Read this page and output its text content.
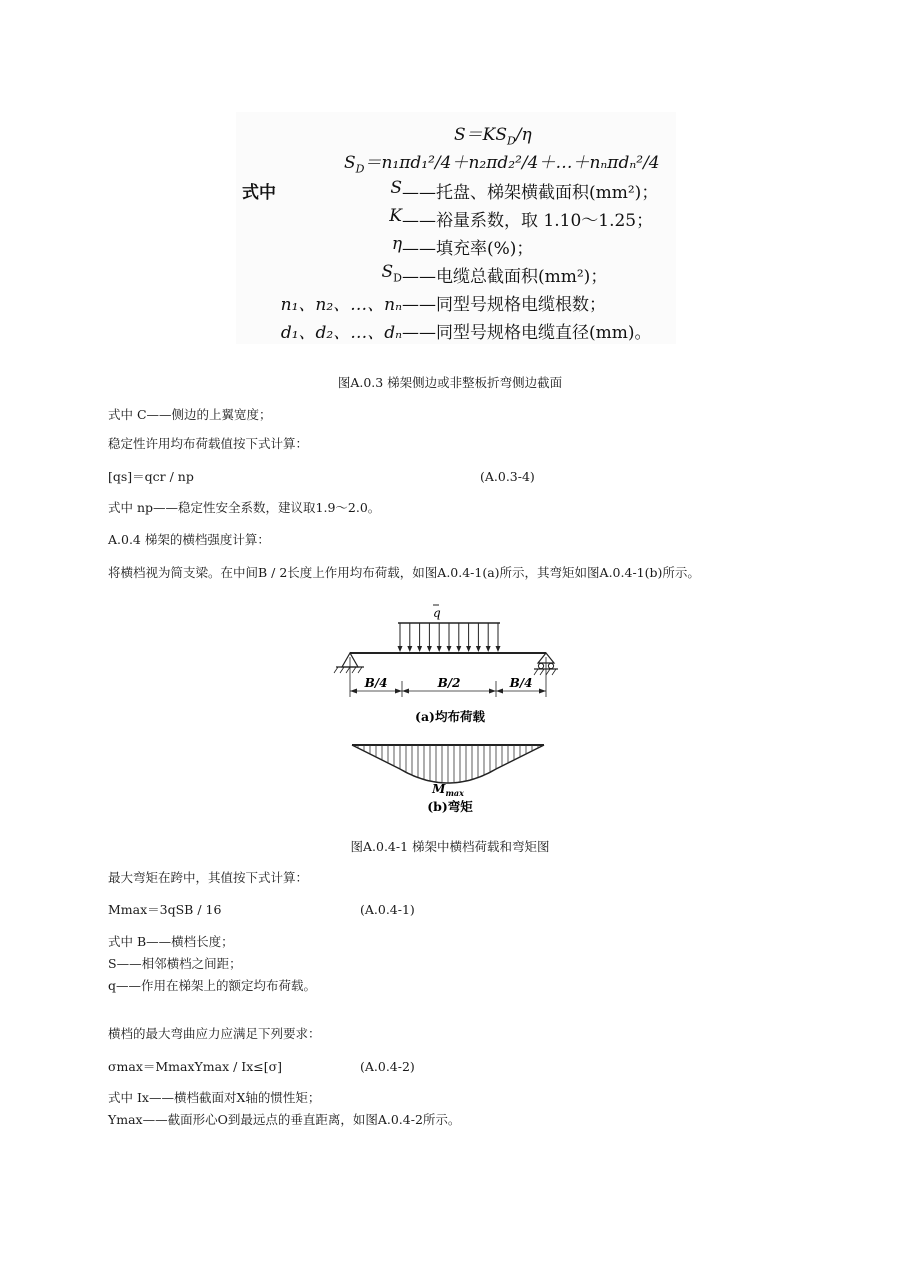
$S=KS_D/\eta$
$S_D=n_1\pi d_1^2/4+n_2\pi d_2^2/4+\dots+n_n\pi d_n^2/4$
式中	S ——托盘、梯架横截面积(mm²)；
K ——裕量系数，取 1.10～1.25；
η ——填充率(%)；
$S_D$ ——电缆总截面积(mm²)；
n₁、n₂、…、nₙ ——同型号规格电缆根数；
d₁、d₂、…、dₙ ——同型号规格电缆直径(mm)。
图A.0.3 梯架侧边或非整板折弯侧边截面
式中 C——侧边的上翼宽度；
稳定性许用均布荷载值按下式计算：
[qs]＝qcr / np	(A.0.3-4)
式中 np——稳定性安全系数，建议取1.9～2.0。
A.0.4 梯架的横档强度计算：
将横档视为简支梁。在中间B / 2长度上作用均布荷载，如图A.0.4-1(a)所示，其弯矩如图A.0.4-1(b)所示。
q
B/4	B/2	B/4
(a)均布荷载
$M_{max}$
(b)弯矩
图A.0.4-1 梯架中横档荷载和弯矩图
最大弯矩在跨中，其值按下式计算：
Mmax＝3qSB / 16	(A.0.4-1)
式中 B——横档长度；
S——相邻横档之间距；
q——作用在梯架上的额定均布荷载。
横档的最大弯曲应力应满足下列要求：
σmax＝MmaxYmax / Ix≤[σ]	(A.0.4-2)
式中 Ix——横档截面对X轴的惯性矩；
Ymax——截面形心O到最远点的垂直距离，如图A.0.4-2所示。
